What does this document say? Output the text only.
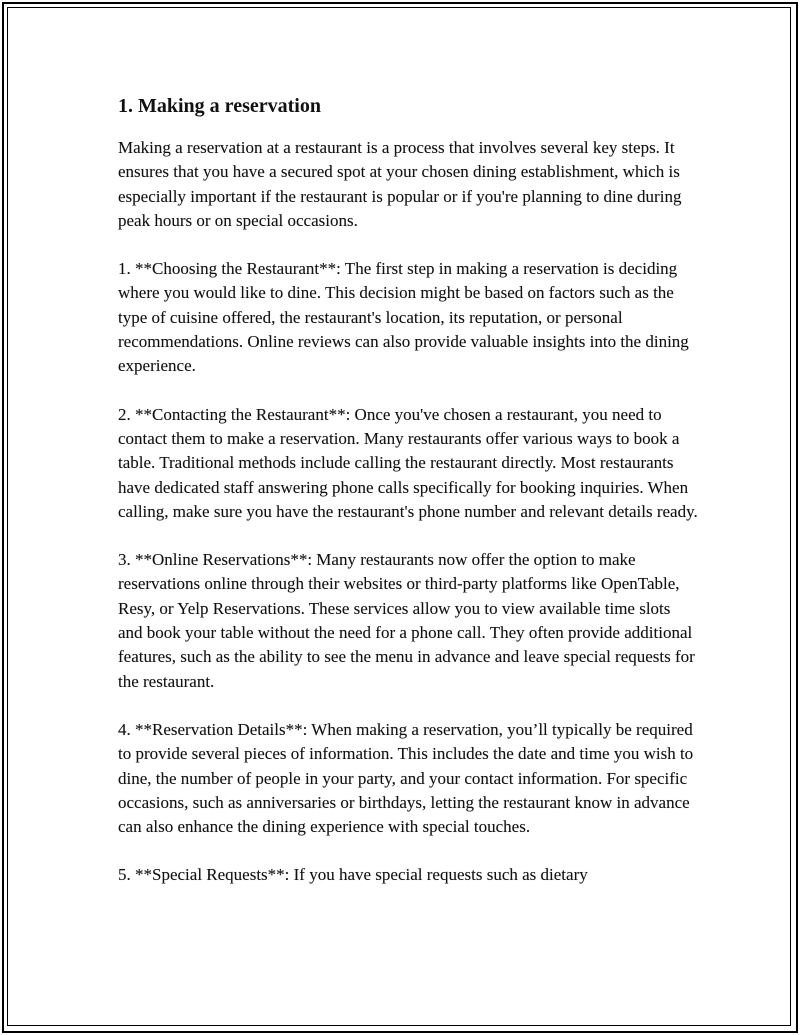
1. Making a reservation

Making a reservation at a restaurant is a process that involves several key steps. It ensures that you have a secured spot at your chosen dining establishment, which is especially important if the restaurant is popular or if you're planning to dine during peak hours or on special occasions.

1. **Choosing the Restaurant**: The first step in making a reservation is deciding where you would like to dine. This decision might be based on factors such as the type of cuisine offered, the restaurant's location, its reputation, or personal recommendations. Online reviews can also provide valuable insights into the dining experience.

2. **Contacting the Restaurant**: Once you've chosen a restaurant, you need to contact them to make a reservation. Many restaurants offer various ways to book a table. Traditional methods include calling the restaurant directly. Most restaurants have dedicated staff answering phone calls specifically for booking inquiries. When calling, make sure you have the restaurant's phone number and relevant details ready.

3. **Online Reservations**: Many restaurants now offer the option to make reservations online through their websites or third-party platforms like OpenTable, Resy, or Yelp Reservations. These services allow you to view available time slots and book your table without the need for a phone call. They often provide additional features, such as the ability to see the menu in advance and leave special requests for the restaurant.

4. **Reservation Details**: When making a reservation, you’ll typically be required to provide several pieces of information. This includes the date and time you wish to dine, the number of people in your party, and your contact information. For specific occasions, such as anniversaries or birthdays, letting the restaurant know in advance can also enhance the dining experience with special touches.

5. **Special Requests**: If you have special requests such as dietary
